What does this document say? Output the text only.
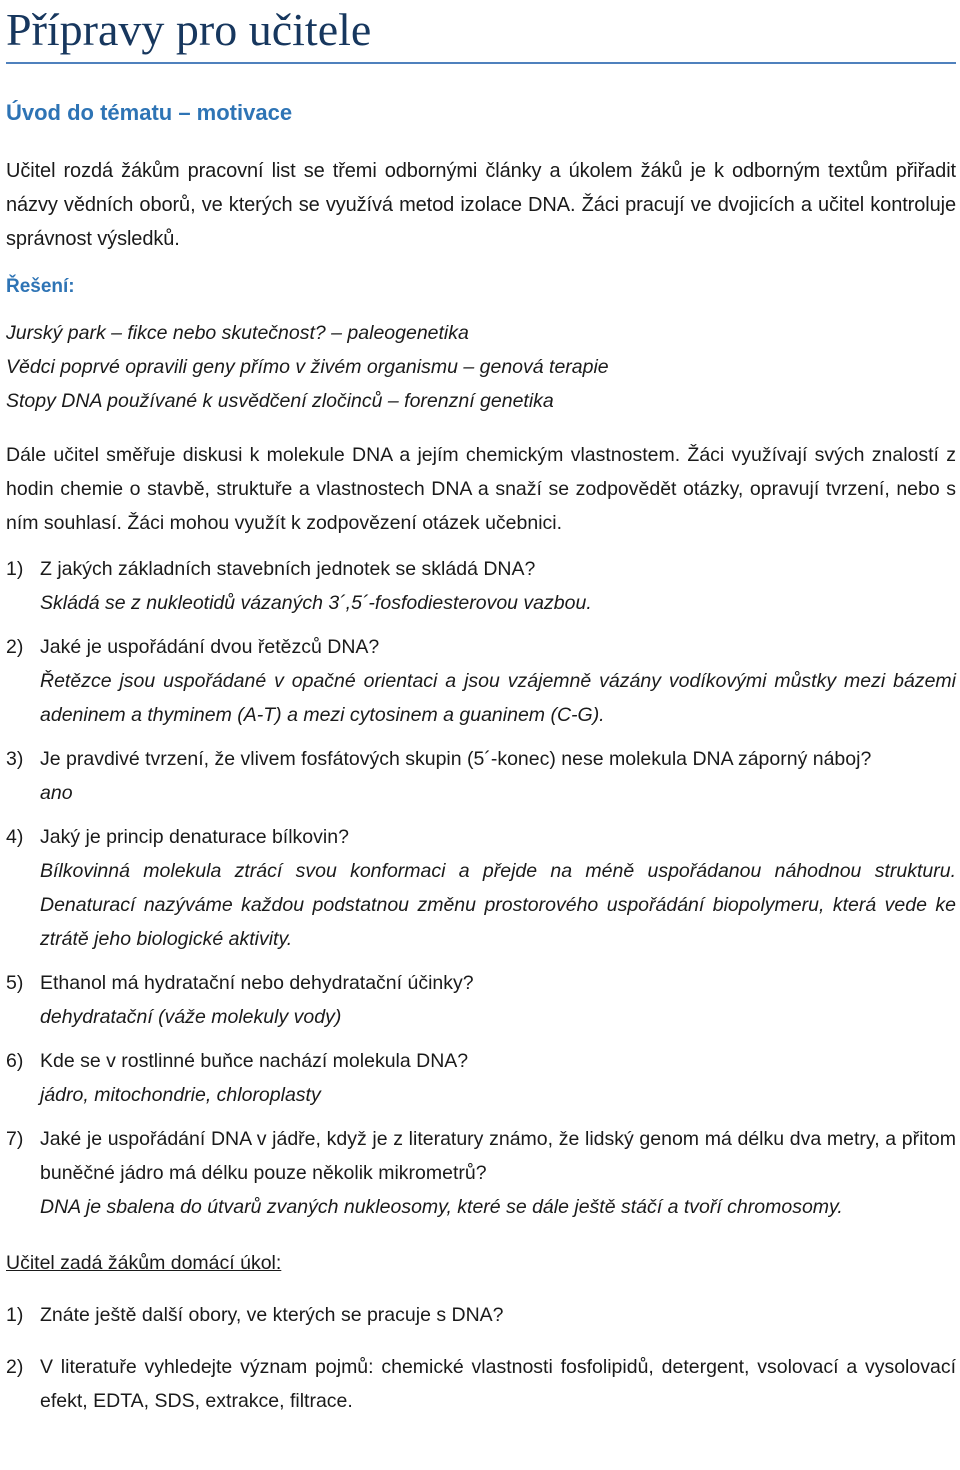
Přípravy pro učitele
Úvod do tématu – motivace

Učitel rozdá žákům pracovní list se třemi odbornými články a úkolem žáků je k odborným textům přiřadit názvy vědních oborů, ve kterých se využívá metod izolace DNA. Žáci pracují ve dvojicích a učitel kontroluje správnost výsledků.

Řešení:
Jurský park – fikce nebo skutečnost? – paleogenetika
Vědci poprvé opravili geny přímo v živém organismu – genová terapie
Stopy DNA používané k usvědčení zločinců – forenzní genetika

Dále učitel směřuje diskusi k molekule DNA a jejím chemickým vlastnostem. Žáci využívají svých znalostí z hodin chemie o stavbě, struktuře a vlastnostech DNA a snaží se zodpovědět otázky, opravují tvrzení, nebo s ním souhlasí. Žáci mohou využít k zodpovězení otázek učebnici.

1) Z jakých základních stavebních jednotek se skládá DNA?
Skládá se z nukleotidů vázaných 3´,5´-fosfodiesterovou vazbou.
2) Jaké je uspořádání dvou řetězců DNA?
Řetězce jsou uspořádané v opačné orientaci a jsou vzájemně vázány vodíkovými můstky mezi bázemi adeninem a thyminem (A-T) a mezi cytosinem a guaninem (C-G).
3) Je pravdivé tvrzení, že vlivem fosfátových skupin (5´-konec) nese molekula DNA záporný náboj?
ano
4) Jaký je princip denaturace bílkovin?
Bílkovinná molekula ztrácí svou konformaci a přejde na méně uspořádanou náhodnou strukturu. Denaturací nazýváme každou podstatnou změnu prostorového uspořádání biopolymeru, která vede ke ztrátě jeho biologické aktivity.
5) Ethanol má hydratační nebo dehydratační účinky?
dehydratační (váže molekuly vody)
6) Kde se v rostlinné buňce nachází molekula DNA?
jádro, mitochondrie, chloroplasty
7) Jaké je uspořádání DNA v jádře, když je z literatury známo, že lidský genom má délku dva metry, a přitom buněčné jádro má délku pouze několik mikrometrů?
DNA je sbalena do útvarů zvaných nukleosomy, které se dále ještě stáčí a tvoří chromosomy.
Učitel zadá žákům domácí úkol:
1) Znáte ještě další obory, ve kterých se pracuje s DNA?
2) V literatuře vyhledejte význam pojmů: chemické vlastnosti fosfolipidů, detergent, vsolovací a vysolovací efekt, EDTA, SDS, extrakce, filtrace.
